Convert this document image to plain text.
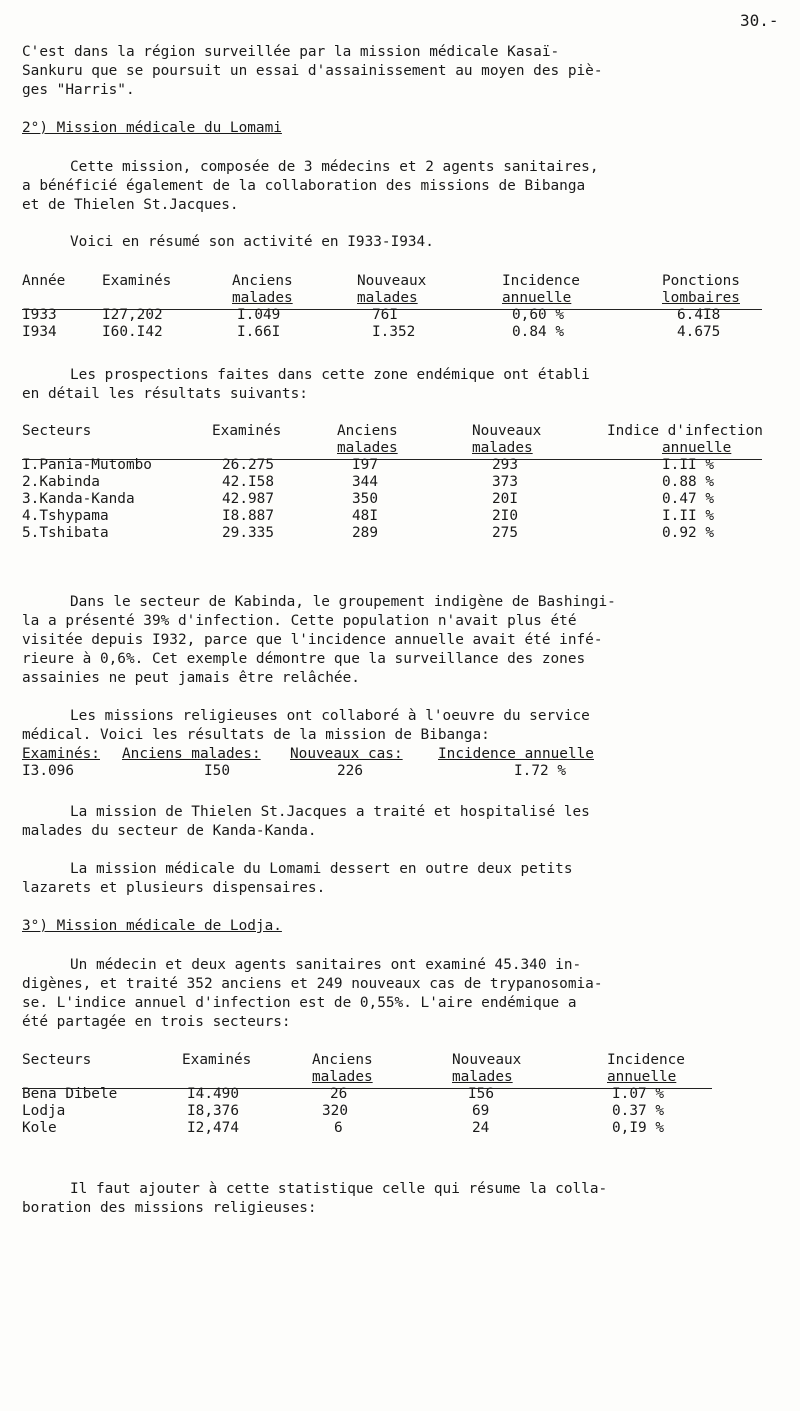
30.-
C'est dans la région surveillée par la mission médicale Kasaï-
Sankuru que se poursuit un essai d'assainissement au moyen des piè-
ges "Harris".
2°) Mission médicale du Lomami
Cette mission, composée de 3 médecins et 2 agents sanitaires,
a bénéficié également de la collaboration des missions de Bibanga
et de Thielen St.Jacques.
Voici en résumé son activité en I933-I934.
Année	Examinés	Anciens	Nouveaux	Incidence	Ponctions
malades	malades	annuelle	lombaires
I933	I27,202	I.049	76I	0,60 %	6.4I8
I934	I60.I42	I.66I	I.352	0.84 %	4.675
Les prospections faites dans cette zone endémique ont établi
en détail les résultats suivants:
Secteurs	Examinés	Anciens	Nouveaux	Indice d'infection
malades	malades	annuelle
I.Pania-Mutombo	26.275	I97	293	I.II %
2.Kabinda	42.I58	344	373	0.88 %
3.Kanda-Kanda	42.987	350	20I	0.47 %
4.Tshypama	I8.887	48I	2I0	I.II %
5.Tshibata	29.335	289	275	0.92 %
Dans le secteur de Kabinda, le groupement indigène de Bashingi-
la a présenté 39% d'infection. Cette population n'avait plus été
visitée depuis I932, parce que l'incidence annuelle avait été infé-
rieure à 0,6%. Cet exemple démontre que la surveillance des zones
assainies ne peut jamais être relâchée.
Les missions religieuses ont collaboré à l'oeuvre du service
médical. Voici les résultats de la mission de Bibanga:
Examinés: Anciens malades: Nouveaux cas: Incidence annuelle
I3.096	I50	226	I.72 %
La mission de Thielen St.Jacques a traité et hospitalisé les
malades du secteur de Kanda-Kanda.
La mission médicale du Lomami dessert en outre deux petits
lazarets et plusieurs dispensaires.
3°) Mission médicale de Lodja.
Un médecin et deux agents sanitaires ont examiné 45.340 in-
digènes, et traité 352 anciens et 249 nouveaux cas de trypanosomia-
se. L'indice annuel d'infection est de 0,55%. L'aire endémique a
été partagée en trois secteurs:
Secteurs	Examinés	Anciens	Nouveaux	Incidence
malades	malades	annuelle
Bena Dibele	I4.490	26	I56	I.07 %
Lodja	I8,376	320	69	0.37 %
Kole	I2,474	6	24	0,I9 %
Il faut ajouter à cette statistique celle qui résume la colla-
boration des missions religieuses:
